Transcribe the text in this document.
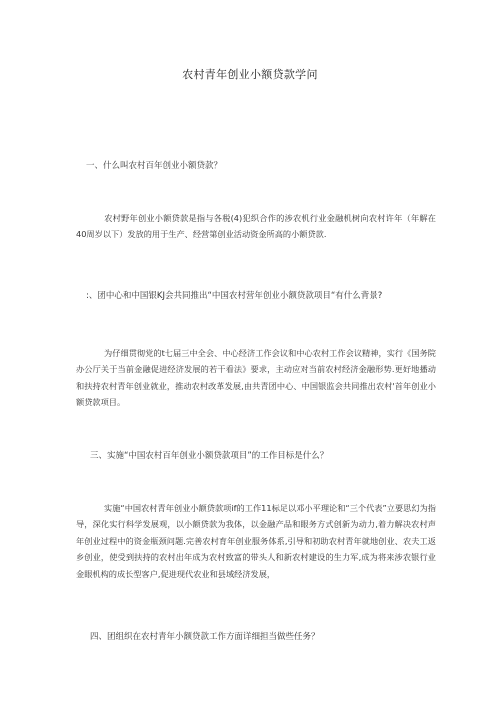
农村青年创业小额贷款学问
一、什么叫农村百年创业小额贷款？
农村野年创业小额贷款是指与各税(4)犯织合作的涉农机行业金融机树向农村许年（年解在40周岁以下）发放的用于生产、经营第创业活动资金所高的小额贷款.
:、团中心和中国银KJ会共同推出“中国农村营年创业小额贷款项目“有什么背景?
为仔细贯彻党的t七届三中全会、中心经济工作会议和中心农村工作会议精神，实行《国务院办公厅关于当前金融促进经济发展的若干看法》要求，主动应对当前农村经济金融形势.更好地播动和扶持农村青年创业就业，推动农村改革发展,由共青团中心、中国银监会共同推出农村'首年创业小额贷款项目。
三、实施“中国农村百年创业小额贷款项目”的工作目标是什么？
实施“中国农村青年创业小额贷款项if的工作11标足以邓小平理论和“三个代表”立要思幻为指导，深化实行科学发展观，以小额贷款为我体，以金融产品和眼务方式创新为动力,着力解决农村声年创业过程中的资金瓶颈问题.完善农村育年创业服务体系,引导和初助农村青年就地创业、农夫工返乡创业，使受到扶持的农村出年成为农村致富的带头人和新农村建设的生力军,成为将来涉农银行业金眼机构的成长型客户,促进现代农业和县域经济发展，
四、团组织在农村青年小额贷款工作方面详细担当做些任务？
